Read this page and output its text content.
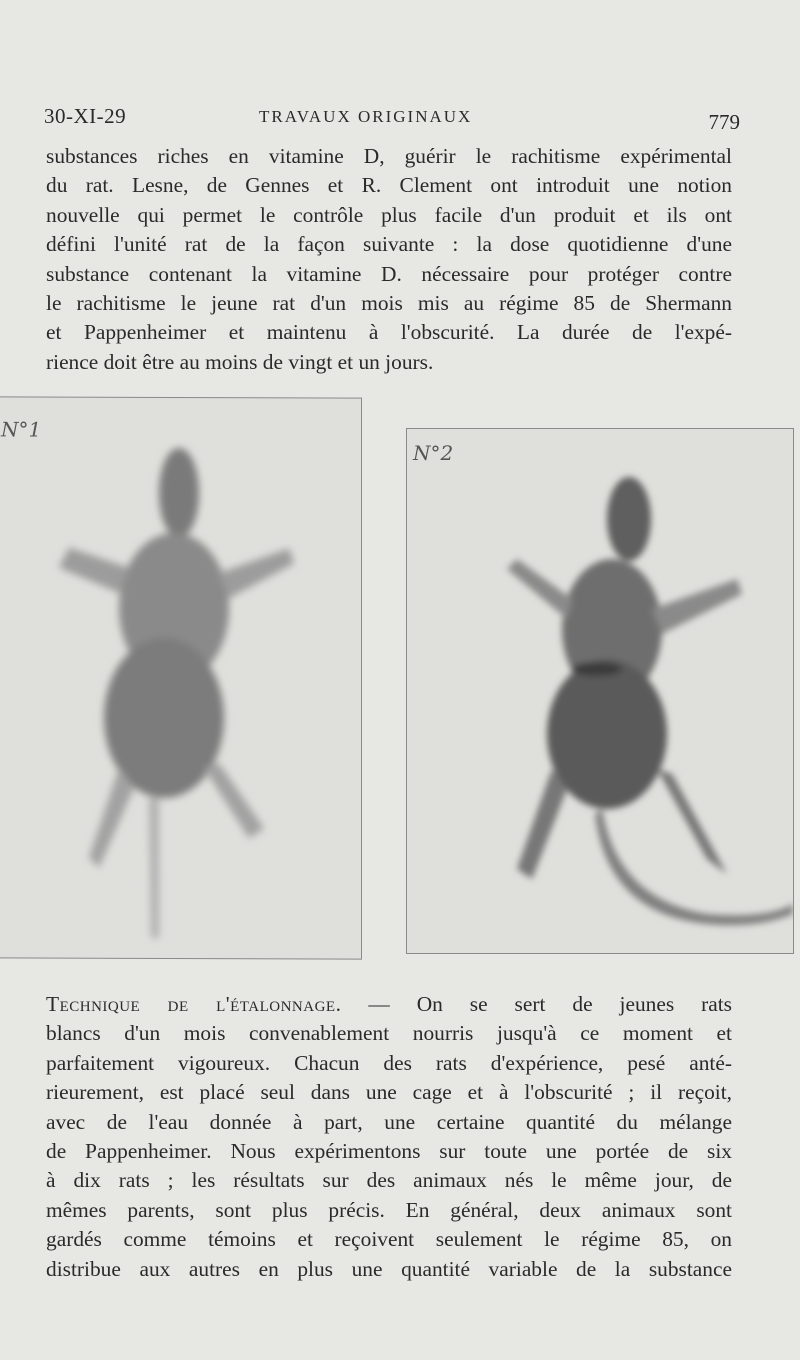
30-XI-29	TRAVAUX ORIGINAUX	779
substances riches en vitamine D, guérir le rachitisme expérimental
du rat. Lesne, de Gennes et R. Clement ont introduit une notion
nouvelle qui permet le contrôle plus facile d'un produit et ils ont
défini l'unité rat de la façon suivante : la dose quotidienne d'une
substance contenant la vitamine D. nécessaire pour protéger contre
le rachitisme le jeune rat d'un mois mis au régime 85 de Shermann
et Pappenheimer et maintenu à l'obscurité. La durée de l'expé-
rience doit être au moins de vingt et un jours.
N°1
N°2
Technique de l'étalonnage. — On se sert de jeunes rats
blancs d'un mois convenablement nourris jusqu'à ce moment et
parfaitement vigoureux. Chacun des rats d'expérience, pesé anté-
rieurement, est placé seul dans une cage et à l'obscurité ; il reçoit,
avec de l'eau donnée à part, une certaine quantité du mélange
de Pappenheimer. Nous expérimentons sur toute une portée de six
à dix rats ; les résultats sur des animaux nés le même jour, de
mêmes parents, sont plus précis. En général, deux animaux sont
gardés comme témoins et reçoivent seulement le régime 85, on
distribue aux autres en plus une quantité variable de la substance
